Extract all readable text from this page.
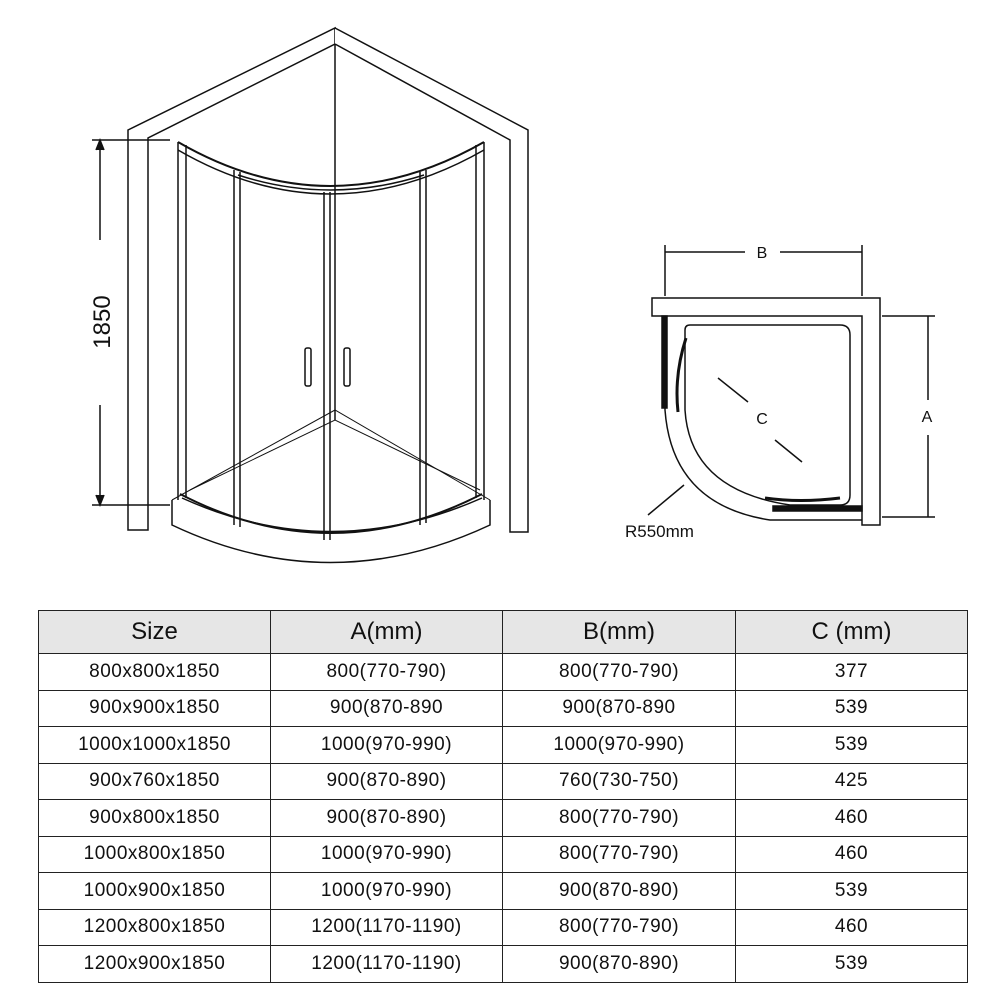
1850
B
A
C
R550mm
Size	A(mm)	B(mm)	C (mm)
800x800x1850	800(770-790)	800(770-790)	377
900x900x1850	900(870-890	900(870-890	539
1000x1000x1850	1000(970-990)	1000(970-990)	539
900x760x1850	900(870-890)	760(730-750)	425
900x800x1850	900(870-890)	800(770-790)	460
1000x800x1850	1000(970-990)	800(770-790)	460
1000x900x1850	1000(970-990)	900(870-890)	539
1200x800x1850	1200(1170-1190)	800(770-790)	460
1200x900x1850	1200(1170-1190)	900(870-890)	539
